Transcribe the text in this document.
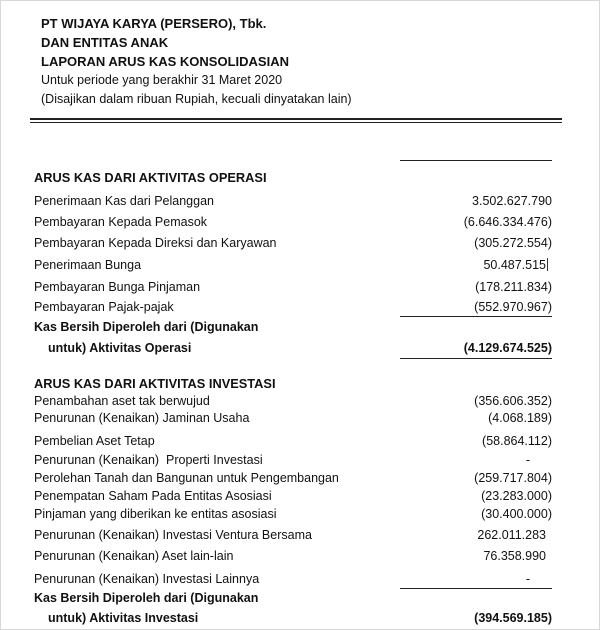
PT WIJAYA KARYA (PERSERO), Tbk.
DAN ENTITAS ANAK
LAPORAN ARUS KAS KONSOLIDASIAN
Untuk periode yang berakhir 31 Maret 2020
(Disajikan dalam ribuan Rupiah, kecuali dinyatakan lain)
ARUS KAS DARI AKTIVITAS OPERASI
Penerimaan Kas dari Pelanggan	3.502.627.790
Pembayaran Kepada Pemasok	(6.646.334.476)
Pembayaran Kepada Direksi dan Karyawan	(305.272.554)
Penerimaan Bunga	50.487.515
Pembayaran Bunga Pinjaman	(178.211.834)
Pembayaran Pajak-pajak	(552.970.967)
Kas Bersih Diperoleh dari (Digunakan
untuk) Aktivitas Operasi	(4.129.674.525)
ARUS KAS DARI AKTIVITAS INVESTASI
Penambahan aset tak berwujud	(356.606.352)
Penurunan (Kenaikan) Jaminan Usaha	(4.068.189)
Pembelian Aset Tetap	(58.864.112)
Penurunan (Kenaikan)  Properti Investasi	-
Perolehan Tanah dan Bangunan untuk Pengembangan	(259.717.804)
Penempatan Saham Pada Entitas Asosiasi	(23.283.000)
Pinjaman yang diberikan ke entitas asosiasi	(30.400.000)
Penurunan (Kenaikan) Investasi Ventura Bersama	262.011.283
Penurunan (Kenaikan) Aset lain-lain	76.358.990
Penurunan (Kenaikan) Investasi Lainnya	-
Kas Bersih Diperoleh dari (Digunakan
untuk) Aktivitas Investasi	(394.569.185)
